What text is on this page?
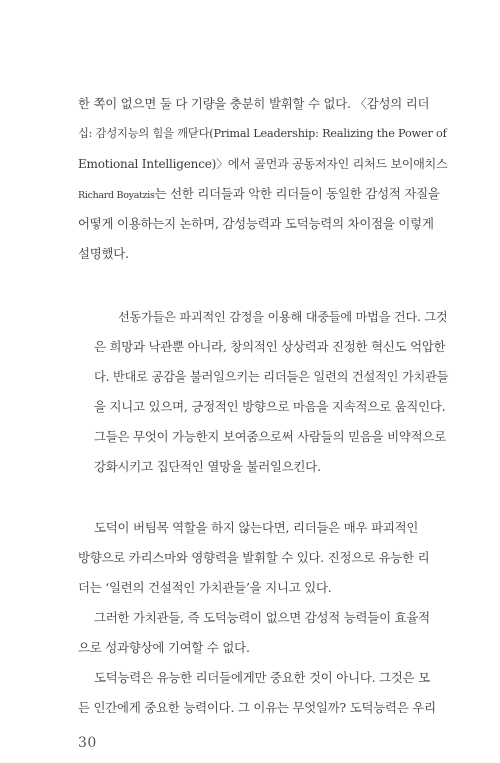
한 쪽이 없으면 둘 다 기량을 충분히 발휘할 수 없다. 〈감성의 리더
십: 감성지능의 힘을 깨닫다(Primal Leadership: Realizing the Power of
Emotional Intelligence)〉에서 골먼과 공동저자인 리처드 보이애치스
Richard Boyatzis는 선한 리더들과 악한 리더들이 동일한 감성적 자질을
어떻게 이용하는지 논하며, 감성능력과 도덕능력의 차이점을 이렇게
설명했다.
선동가들은 파괴적인 감정을 이용해 대중들에 마법을 건다. 그것
은 희망과 낙관뿐 아니라, 창의적인 상상력과 진정한 혁신도 억압한
다. 반대로 공감을 불러일으키는 리더들은 일련의 건설적인 가치관들
을 지니고 있으며, 긍정적인 방향으로 마음을 지속적으로 움직인다.
그들은 무엇이 가능한지 보여줌으로써 사람들의 믿음을 비약적으로
강화시키고 집단적인 열망을 불러일으킨다.
도덕이 버팀목 역할을 하지 않는다면, 리더들은 매우 파괴적인
방향으로 카리스마와 영향력을 발휘할 수 있다. 진정으로 유능한 리
더는 ‘일련의 건설적인 가치관들’을 지니고 있다.
그러한 가치관들, 즉 도덕능력이 없으면 감성적 능력들이 효율적
으로 성과향상에 기여할 수 없다.
도덕능력은 유능한 리더들에게만 중요한 것이 아니다. 그것은 모
든 인간에게 중요한 능력이다. 그 이유는 무엇일까? 도덕능력은 우리
30
